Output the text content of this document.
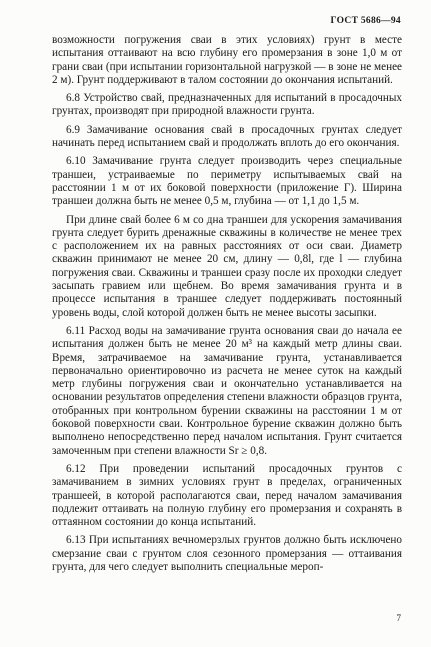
ГОСТ 5686—94

возможности погружения сваи в этих условиях) грунт в месте испытания оттаивают на всю глубину его промерзания в зоне 1,0 м от грани сваи (при испытании горизонтальной нагрузкой — в зоне не менее 2 м). Грунт поддерживают в талом состоянии до окончания испытаний.

6.8 Устройство свай, предназначенных для испытаний в просадочных грунтах, производят при природной влажности грунта.

6.9 Замачивание основания свай в просадочных грунтах следует начинать перед испытанием свай и продолжать вплоть до его окончания.

6.10 Замачивание грунта следует производить через специальные траншеи, устраиваемые по периметру испытываемых свай на расстоянии 1 м от их боковой поверхности (приложение Г). Ширина траншеи должна быть не менее 0,5 м, глубина — от 1,1 до 1,5 м.

При длине свай более 6 м со дна траншеи для ускорения замачивания грунта следует бурить дренажные скважины в количестве не менее трех с расположением их на равных расстояниях от оси сваи. Диаметр скважин принимают не менее 20 см, длину — 0,8l, где l — глубина погружения сваи. Скважины и траншеи сразу после их проходки следует засыпать гравием или щебнем. Во время замачивания грунта и в процессе испытания в траншее следует поддерживать постоянный уровень воды, слой которой должен быть не менее высоты засыпки.

6.11 Расход воды на замачивание грунта основания сваи до начала ее испытания должен быть не менее 20 м³ на каждый метр длины сваи. Время, затрачиваемое на замачивание грунта, устанавливается первоначально ориентировочно из расчета не менее суток на каждый метр глубины погружения сваи и окончательно устанавливается на основании результатов определения степени влажности образцов грунта, отобранных при контрольном бурении скважины на расстоянии 1 м от боковой поверхности сваи. Контрольное бурение скважин должно быть выполнено непосредственно перед началом испытания. Грунт считается замоченным при степени влажности Sr ≥ 0,8.

6.12 При проведении испытаний просадочных грунтов с замачиванием в зимних условиях грунт в пределах, ограниченных траншеей, в которой располагаются сваи, перед началом замачивания подлежит оттаивать на полную глубину его промерзания и сохранять в оттаянном состоянии до конца испытаний.

6.13 При испытаниях вечномерзлых грунтов должно быть исключено смерзание сваи с грунтом слоя сезонного промерзания — оттаивания грунта, для чего следует выполнить специальные мероп-

7
